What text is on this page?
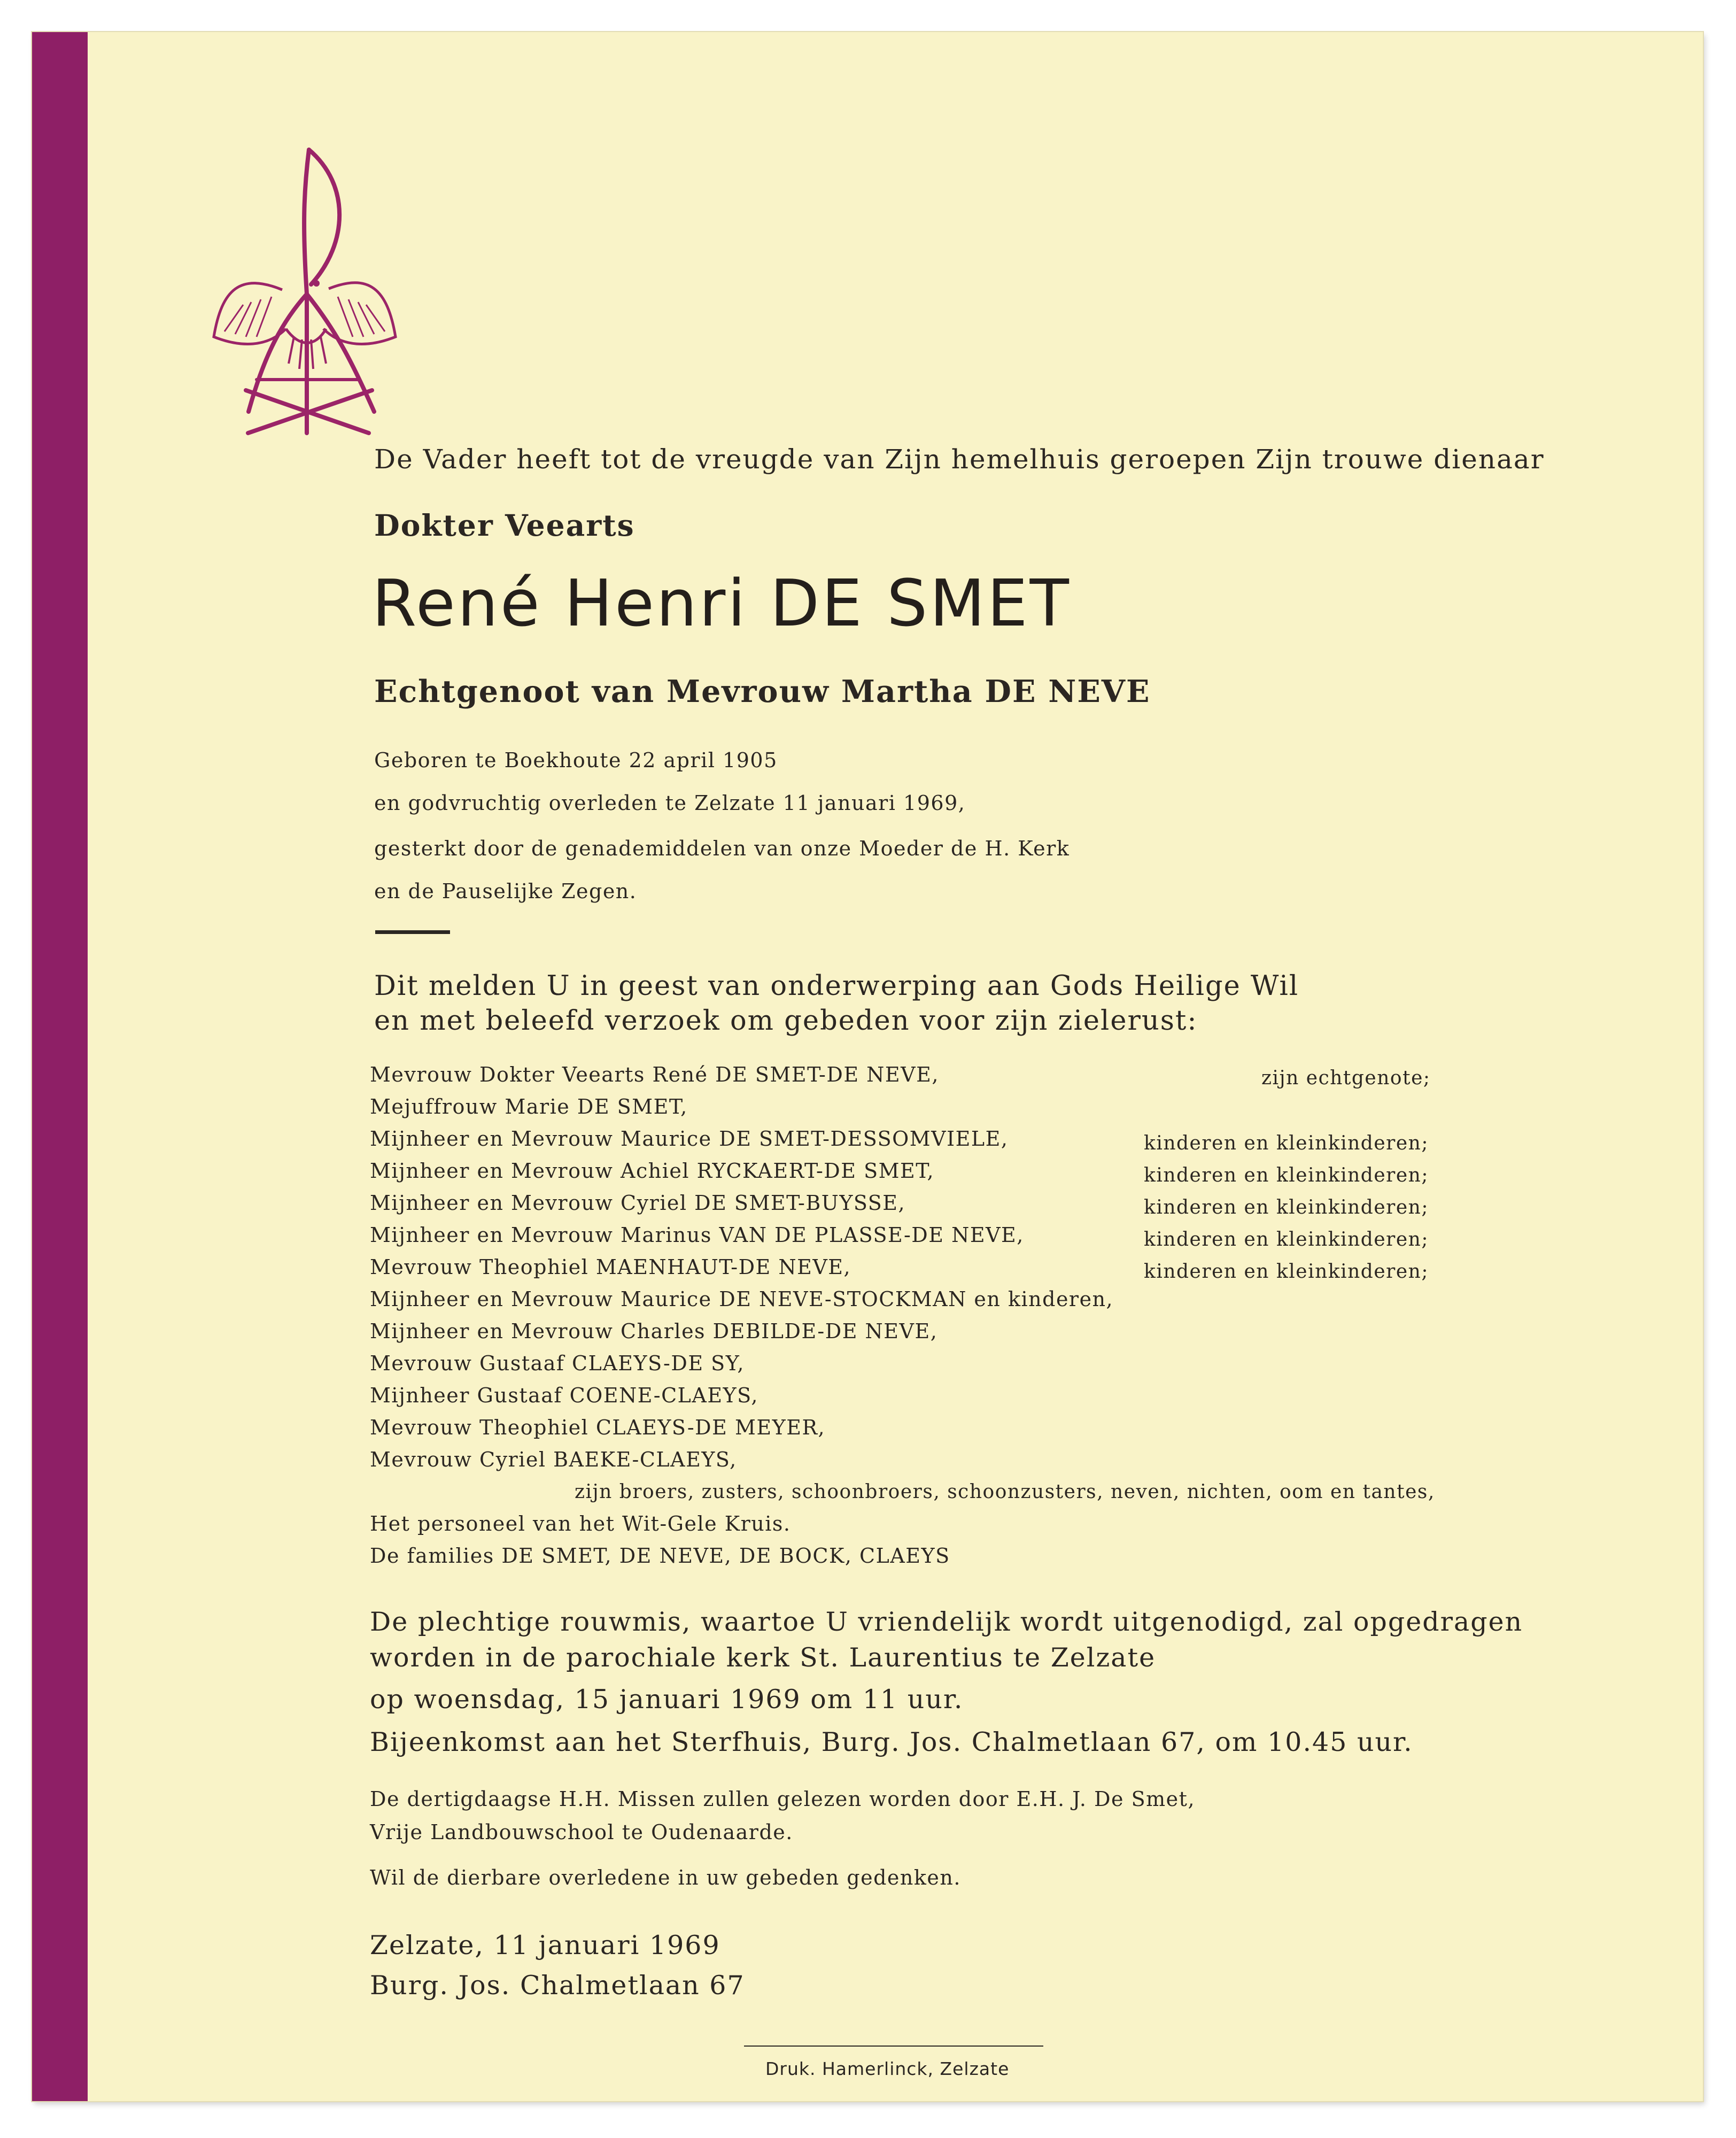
De Vader heeft tot de vreugde van Zijn hemelhuis geroepen Zijn trouwe dienaar

Dokter Veearts

René Henri DE SMET

Echtgenoot van Mevrouw Martha DE NEVE

Geboren te Boekhoute 22 april 1905

en godvruchtig overleden te Zelzate 11 januari 1969,

gesterkt door de genademiddelen van onze Moeder de H. Kerk

en de Pauselijke Zegen.

Dit melden U in geest van onderwerping aan Gods Heilige Wil

en met beleefd verzoek om gebeden voor zijn zielerust:

Mevrouw Dokter Veearts René DE SMET-DE NEVE,	zijn echtgenote;

Mejuffrouw Marie DE SMET,

Mijnheer en Mevrouw Maurice DE SMET-DESSOMVIELE,	kinderen en kleinkinderen;

Mijnheer en Mevrouw Achiel RYCKAERT-DE SMET,	kinderen en kleinkinderen;

Mijnheer en Mevrouw Cyriel DE SMET-BUYSSE,	kinderen en kleinkinderen;

Mijnheer en Mevrouw Marinus VAN DE PLASSE-DE NEVE,	kinderen en kleinkinderen;

Mevrouw Theophiel MAENHAUT-DE NEVE,	kinderen en kleinkinderen;

Mijnheer en Mevrouw Maurice DE NEVE-STOCKMAN en kinderen,

Mijnheer en Mevrouw Charles DEBILDE-DE NEVE,

Mevrouw Gustaaf CLAEYS-DE SY,

Mijnheer Gustaaf COENE-CLAEYS,

Mevrouw Theophiel CLAEYS-DE MEYER,

Mevrouw Cyriel BAEKE-CLAEYS,

zijn broers, zusters, schoonbroers, schoonzusters, neven, nichten, oom en tantes,

Het personeel van het Wit-Gele Kruis.

De families DE SMET, DE NEVE, DE BOCK, CLAEYS

De plechtige rouwmis, waartoe U vriendelijk wordt uitgenodigd, zal opgedragen

worden in de parochiale kerk St. Laurentius te Zelzate

op woensdag, 15 januari 1969 om 11 uur.

Bijeenkomst aan het Sterfhuis, Burg. Jos. Chalmetlaan 67, om 10.45 uur.

De dertigdaagse H.H. Missen zullen gelezen worden door E.H. J. De Smet,

Vrije Landbouwschool te Oudenaarde.

Wil de dierbare overledene in uw gebeden gedenken.

Zelzate, 11 januari 1969

Burg. Jos. Chalmetlaan 67

Druk. Hamerlinck, Zelzate
